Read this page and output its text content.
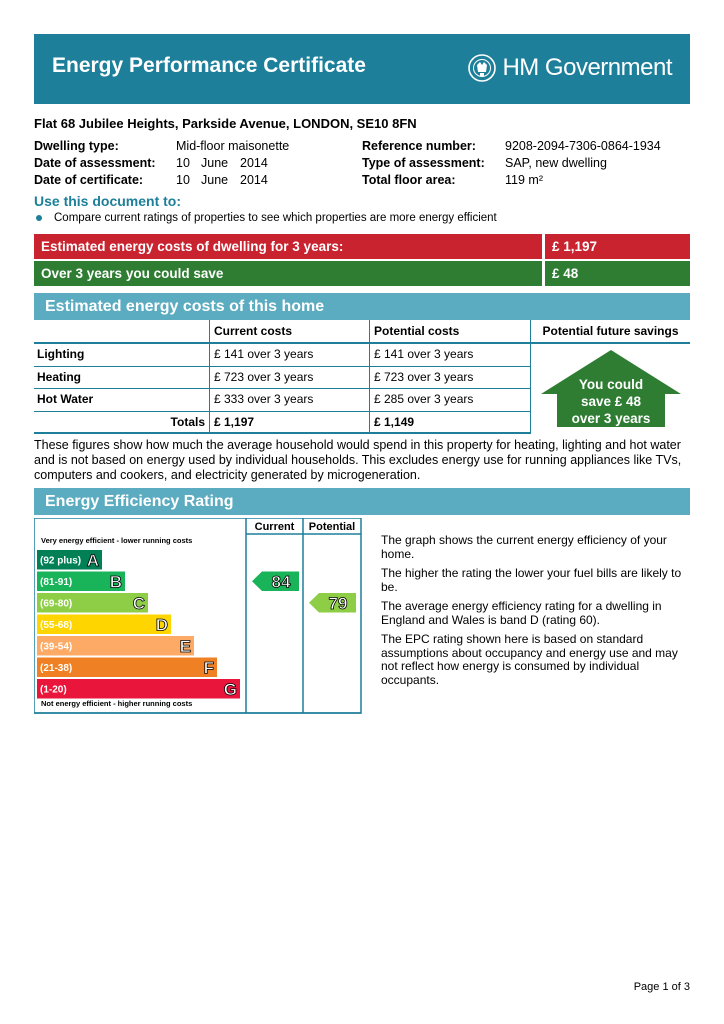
Energy Performance Certificate	HM Government
Flat 68 Jubilee Heights, Parkside Avenue, LONDON, SE10 8FN
Dwelling type:	Mid-floor maisonette
Date of assessment:	10 June 2014
Date of certificate:	10 June 2014
Reference number:	9208-2094-7306-0864-1934
Type of assessment:	SAP, new dwelling
Total floor area:	119 m²
Use this document to:
Compare current ratings of properties to see which properties are more energy efficient
Estimated energy costs of dwelling for 3 years:	£ 1,197
Over 3 years you could save	£ 48
Estimated energy costs of this home
Current costs	Potential costs
Lighting	£ 141 over 3 years	£ 141 over 3 years
Heating	£ 723 over 3 years	£ 723 over 3 years
Hot Water	£ 333 over 3 years	£ 285 over 3 years
Totals £ 1,197	£ 1,149
Potential future savings
You could
save £ 48
over 3 years
These figures show how much the average household would spend in this property for heating, lighting and hot water and is not based on energy used by individual households. This excludes energy use for running appliances like TVs, computers and cookers, and electricity generated by microgeneration.
Energy Efficiency Rating
Current Potential
Very energy efficient - lower running costs
Not energy efficient - higher running costs
(92 plus) A
(81-91) B
(69-80)	C
(55-68)	D
(39-54)	E
(21-38)	F
(1-20)	G
84
79

The graph shows the current energy efficiency of your home.

The higher the rating the lower your fuel bills are likely to be.

The average energy efficiency rating for a dwelling in England and Wales is band D (rating 60).

The EPC rating shown here is based on standard assumptions about occupancy and energy use and may not reflect how energy is consumed by individual occupants.

Page 1 of 3
